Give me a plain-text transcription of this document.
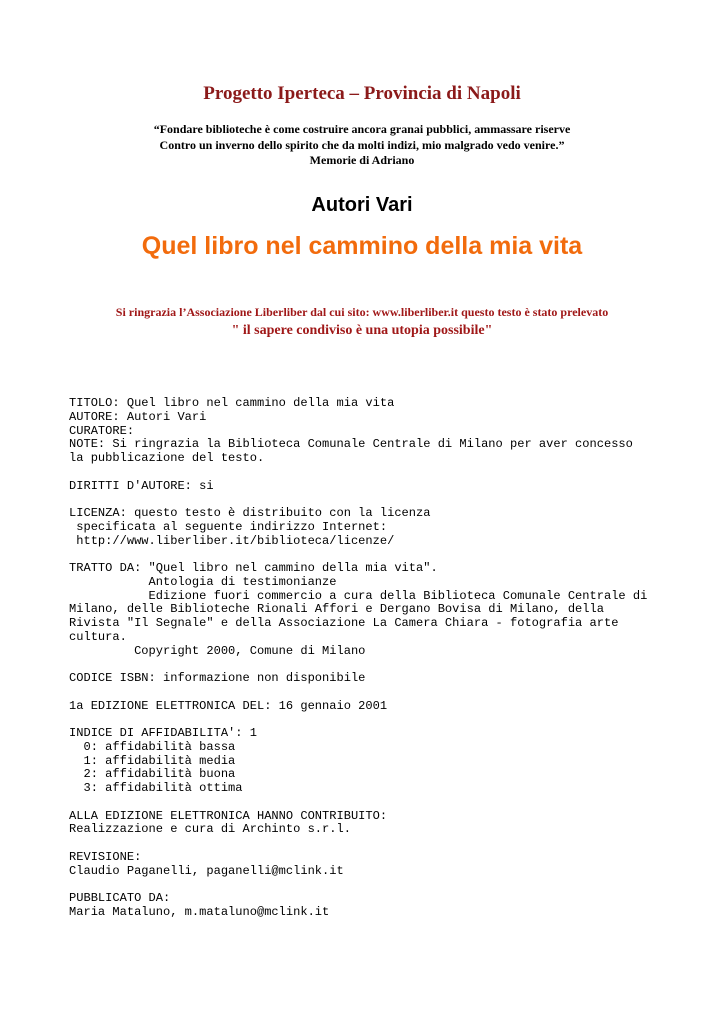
Progetto Iperteca – Provincia di Napoli
“Fondare biblioteche è come costruire ancora granai pubblici, ammassare riserve
Contro un inverno dello spirito che da molti indizi, mio malgrado vedo venire.”
Memorie di Adriano
Autori Vari
Quel libro nel cammino della mia vita
Si ringrazia l’Associazione Liberliber dal cui sito: www.liberliber.it questo testo è stato prelevato
" il sapere condiviso è una utopia possibile"
TITOLO: Quel libro nel cammino della mia vita
AUTORE: Autori Vari
CURATORE:
NOTE: Si ringrazia la Biblioteca Comunale Centrale di Milano per aver concesso
la pubblicazione del testo.
DIRITTI D'AUTORE: si
LICENZA: questo testo è distribuito con la licenza
specificata al seguente indirizzo Internet:
http://www.liberliber.it/biblioteca/licenze/
TRATTO DA: "Quel libro nel cammino della mia vita".
Antologia di testimonianze
Edizione fuori commercio a cura della Biblioteca Comunale Centrale di
Milano, delle Biblioteche Rionali Affori e Dergano Bovisa di Milano, della
Rivista "Il Segnale" e della Associazione La Camera Chiara - fotografia arte
cultura.
Copyright 2000, Comune di Milano
CODICE ISBN: informazione non disponibile
1a EDIZIONE ELETTRONICA DEL: 16 gennaio 2001
INDICE DI AFFIDABILITA': 1
0: affidabilità bassa
1: affidabilità media
2: affidabilità buona
3: affidabilità ottima
ALLA EDIZIONE ELETTRONICA HANNO CONTRIBUITO:
Realizzazione e cura di Archinto s.r.l.
REVISIONE:
Claudio Paganelli, paganelli@mclink.it
PUBBLICATO DA:
Maria Mataluno, m.mataluno@mclink.it
